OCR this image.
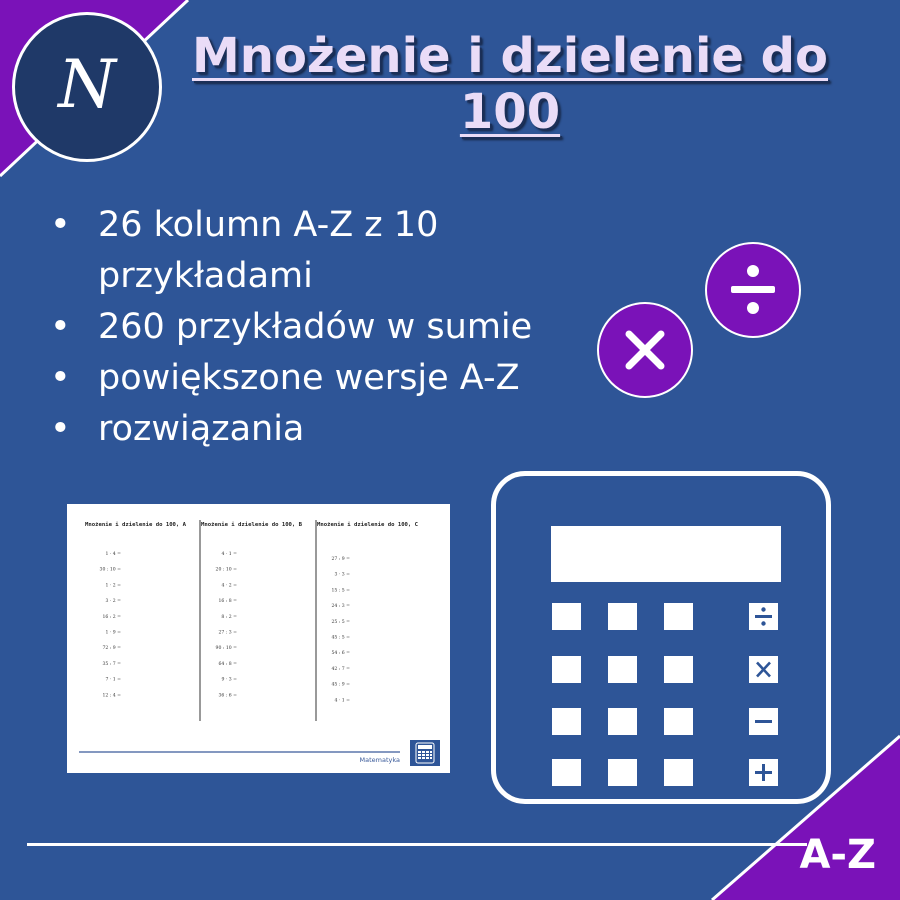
N Mnożenie i dzielenie do 100
• 26 kolumn A-Z z 10 przykładami
• 260 przykładów w sumie
• powiększone wersje A-Z
• rozwiązania
Mnożenie i dzielenie do 100, A	Mnożenie i dzielenie do 100, B	Mnożenie i dzielenie do 100, C
1 · 4 =
30 : 10 =
1 · 2 =
3 · 2 =
16 : 2 =
1 · 9 =
72 : 9 =
35 : 7 =
7 · 1 =
12 : 4 =
4 · 1 =
20 : 10 =
4 · 2 =
16 : 8 =
8 : 2 =
27 : 3 =
90 : 10 =
64 : 8 =
9 · 3 =
36 : 6 =
27 : 9 =
3 · 3 =
15 : 5 =
24 : 3 =
25 : 5 =
45 : 5 =
54 : 6 =
42 : 7 =
45 : 9 =
4 · 1 =
Matematyka
A-Z
